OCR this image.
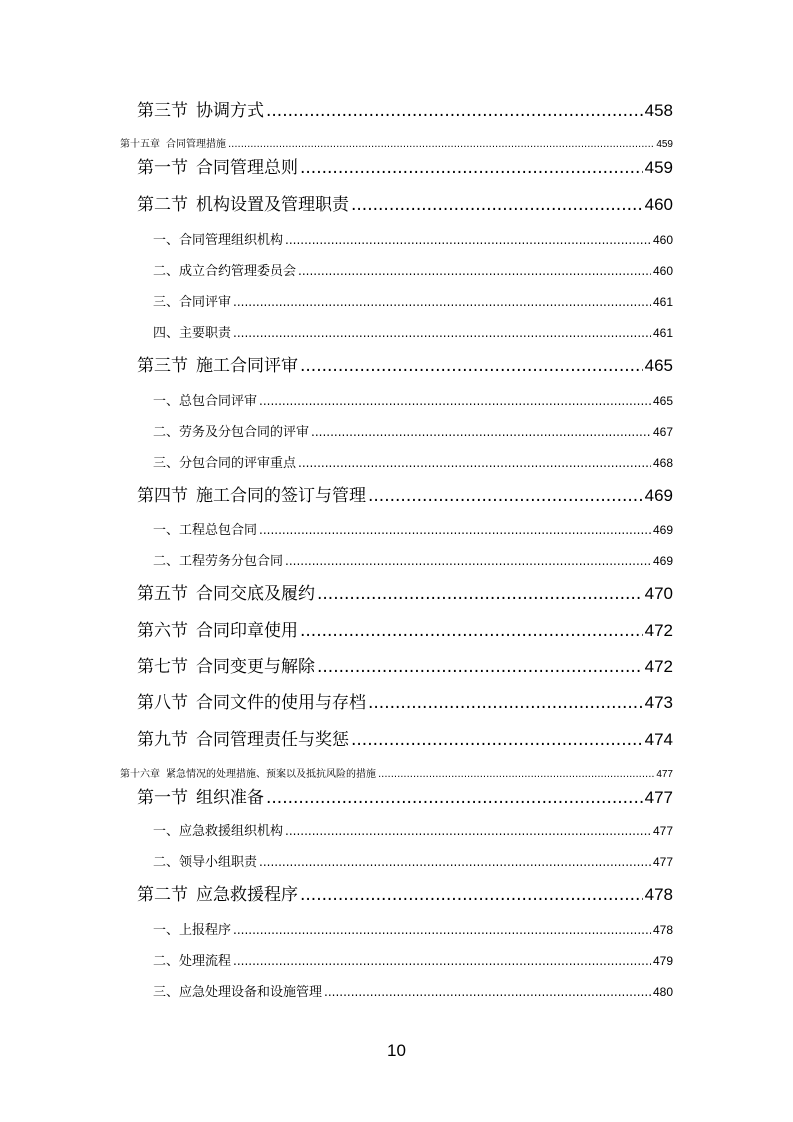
第三节 协调方式 .....	458
第十五章 合同管理措施 .....	459
第一节 合同管理总则 .....	459
第二节 机构设置及管理职责 .....	460
一、合同管理组织机构 .....	460
二、成立合约管理委员会 .....	460
三、合同评审 .....	461
四、主要职责 .....	461
第三节 施工合同评审 .....	465
一、总包合同评审 .....	465
二、劳务及分包合同的评审 .....	467
三、分包合同的评审重点 .....	468
第四节 施工合同的签订与管理 .....	469
一、工程总包合同 .....	469
二、工程劳务分包合同 .....	469
第五节 合同交底及履约 .....	470
第六节 合同印章使用 .....	472
第七节 合同变更与解除 .....	472
第八节 合同文件的使用与存档 .....	473
第九节 合同管理责任与奖惩 .....	474
第十六章 紧急情况的处理措施、预案以及抵抗风险的措施 .....	477
第一节 组织准备 .....	477
一、应急救援组织机构 .....	477
二、领导小组职责 .....	477
第二节 应急救援程序 .....	478
一、上报程序 .....	478
二、处理流程 .....	479
三、应急处理设备和设施管理 .....	480
10
